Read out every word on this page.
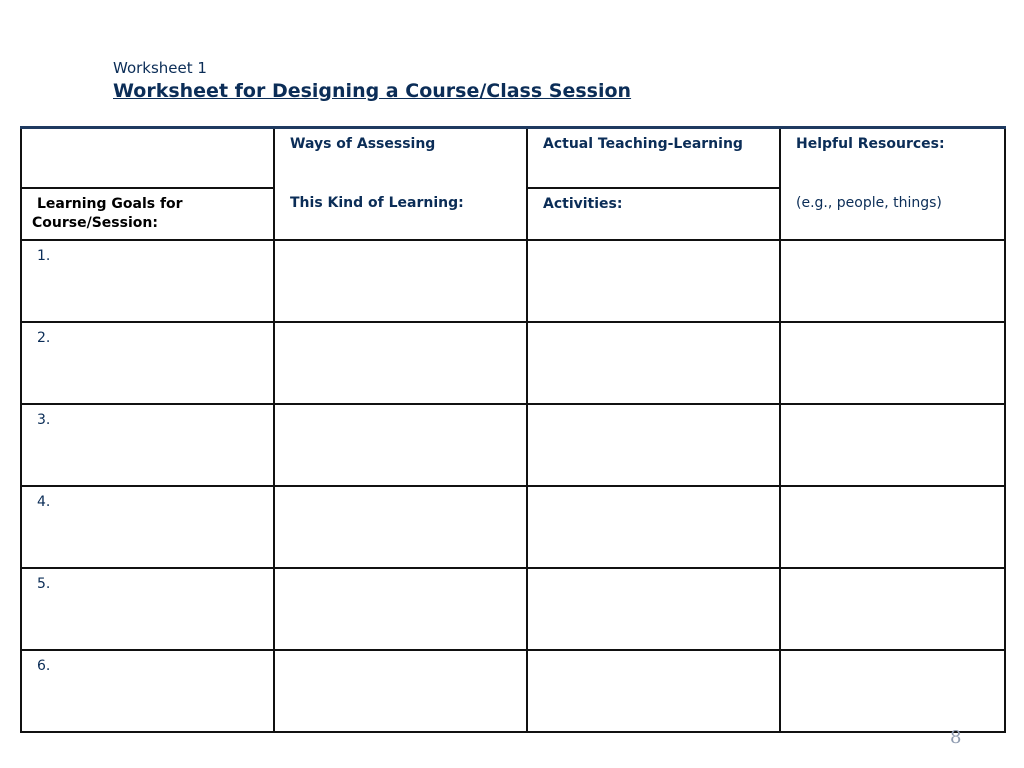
Worksheet 1
Worksheet for Designing a Course/Class Session

	Ways of Assessing	Actual Teaching-Learning	Helpful Resources:

Learning Goals for Course/Session:	This Kind of Learning:	Activities:	(e.g., people, things)

1.			

2.			

3.			

4.			

5.			

6.			

8
